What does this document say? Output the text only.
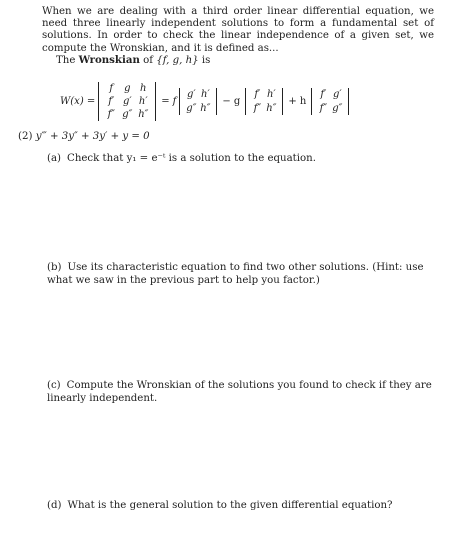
When we are dealing with a third order linear differential equation, we need three linearly independent solutions to form a fundamental set of solutions. In order to check the linear independence of a given set, we compute the Wronskian, and it is defined as...
The Wronskian of {f, g, h} is
W(x) =
f	g h
f′ g′ h′
f″ g″ h″
= f
g′ h′
g″ h″
− g
f′ h′
f″ h″
+ h
f′ g′
f″ g″
(2) y‴ + 3y″ + 3y′ + y = 0
(a) Check that y₁ = e⁻ᵗ is a solution to the equation.
(b) Use its characteristic equation to find two other solutions. (Hint: use what we saw in the previous part to help you factor.)
(c) Compute the Wronskian of the solutions you found to check if they are linearly independent.
(d) What is the general solution to the given differential equation?
